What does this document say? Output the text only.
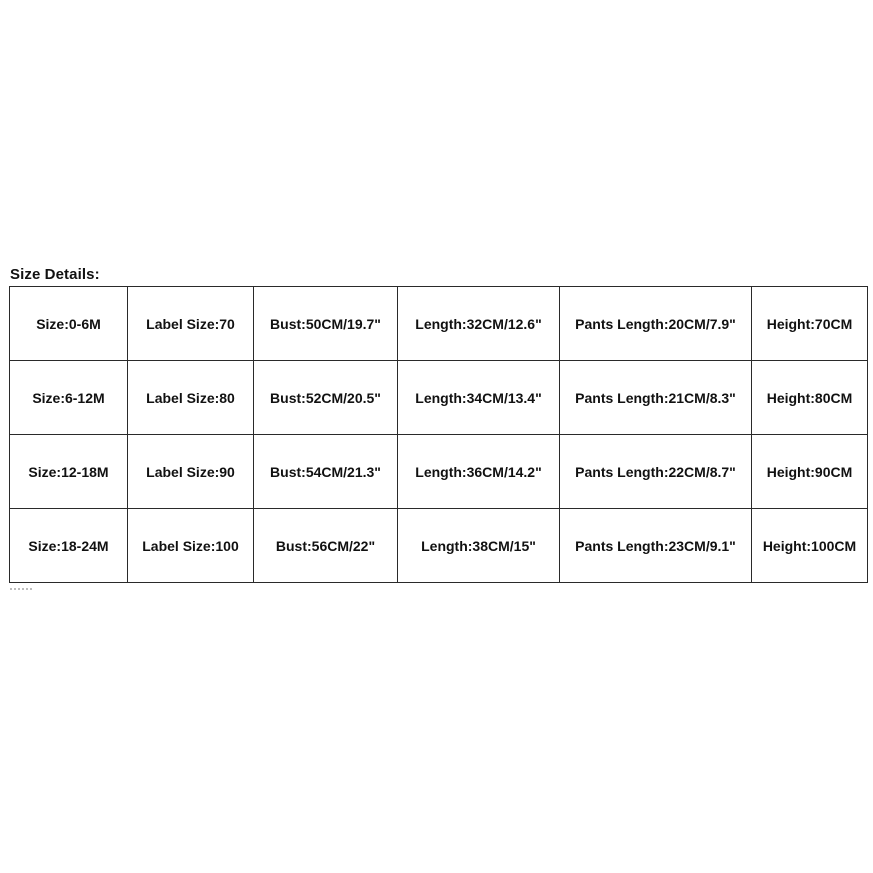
Size Details:
Size:0-6M	Label Size:70	Bust:50CM/19.7"	Length:32CM/12.6"	Pants Length:20CM/7.9"	Height:70CM
Size:6-12M	Label Size:80	Bust:52CM/20.5"	Length:34CM/13.4"	Pants Length:21CM/8.3"	Height:80CM
Size:12-18M	Label Size:90	Bust:54CM/21.3"	Length:36CM/14.2"	Pants Length:22CM/8.7"	Height:90CM
Size:18-24M	Label Size:100	Bust:56CM/22"	Length:38CM/15"	Pants Length:23CM/9.1"	Height:100CM
